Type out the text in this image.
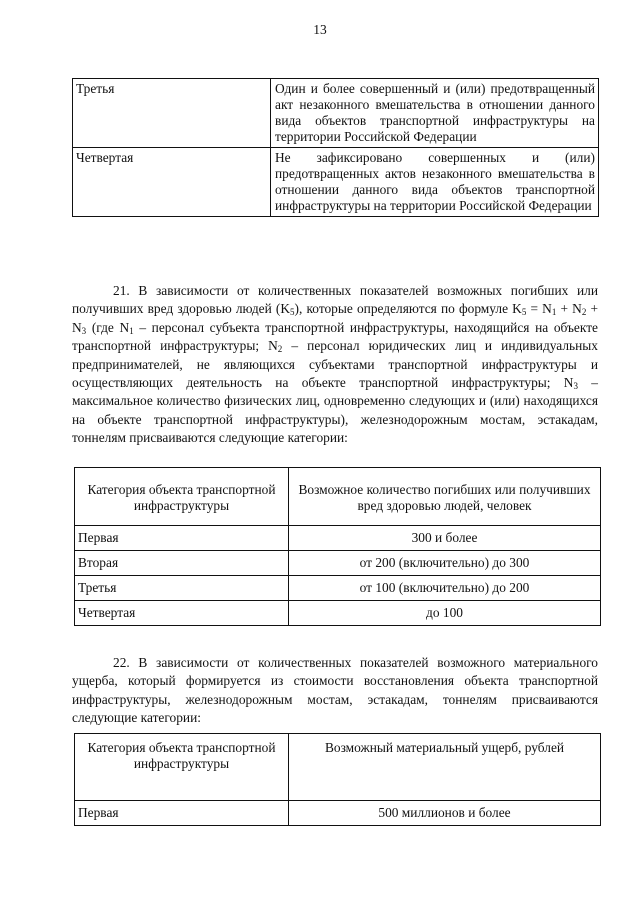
13
Третья	Один и более совершенный и (или) предотвращенный акт незаконного вмешательства в отношении данного вида объектов транспортной инфраструктуры на территории Российской Федерации
Четвертая	Не зафиксировано совершенных и (или) предотвращенных актов незаконного вмешательства в отношении данного вида объектов транспортной инфраструктуры на территории Российской Федерации

21. В зависимости от количественных показателей возможных погибших или получивших вред здоровью людей $(K_5)$, которые определяются по формуле $K_5 = N_1 + N_2 + N_3$ (где $N_1$ – персонал субъекта транспортной инфраструктуры, находящийся на объекте транспортной инфраструктуры; $N_2$ – персонал юридических лиц и индивидуальных предпринимателей, не являющихся субъектами транспортной инфраструктуры и осуществляющих деятельность на объекте транспортной инфраструктуры; $N_3$ – максимальное количество физических лиц, одновременно следующих и (или) находящихся на объекте транспортной инфраструктуры), железнодорожным мостам, эстакадам, тоннелям присваиваются следующие категории:

Категория объекта транспортной инфраструктуры	Возможное количество погибших или получивших вред здоровью людей, человек
Первая	300 и более
Вторая	от 200 (включительно) до 300
Третья	от 100 (включительно) до 200
Четвертая	до 100

22. В зависимости от количественных показателей возможного материального ущерба, который формируется из стоимости восстановления объекта транспортной инфраструктуры, железнодорожным мостам, эстакадам, тоннелям присваиваются следующие категории:

Категория объекта транспортной инфраструктуры	Возможный материальный ущерб, рублей
Первая	500 миллионов и более
